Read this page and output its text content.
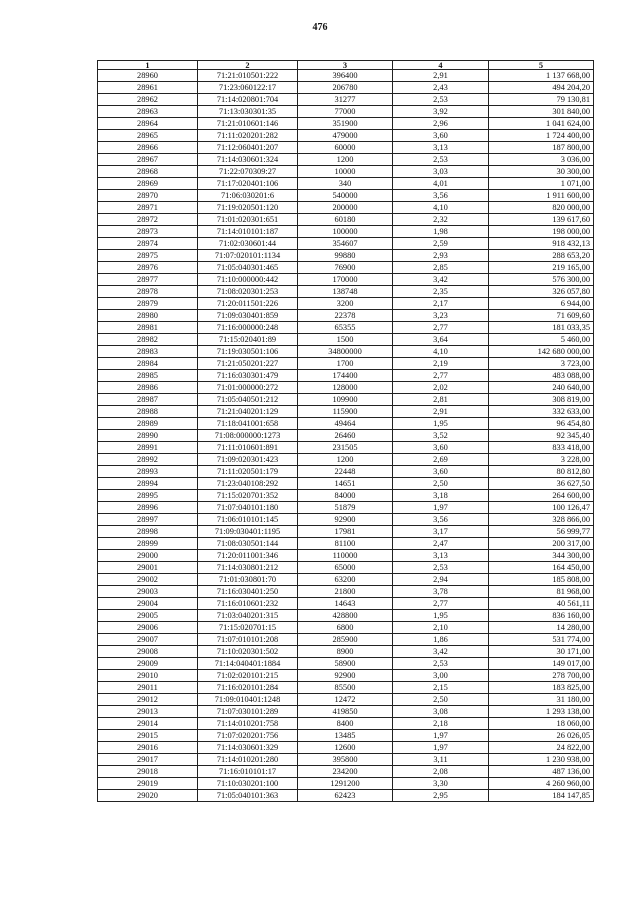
476
1	2	3	4	5
28960	71:21:010501:222	396400	2,91	1 137 668,00
28961	71:23:060122:17	206780	2,43	494 204,20
28962	71:14:020801:704	31277	2,53	79 130,81
28963	71:13:030301:35	77000	3,92	301 840,00
28964	71:21:010601:146	351900	2,96	1 041 624,00
28965	71:11:020201:282	479000	3,60	1 724 400,00
28966	71:12:060401:207	60000	3,13	187 800,00
28967	71:14:030601:324	1200	2,53	3 036,00
28968	71:22:070309:27	10000	3,03	30 300,00
28969	71:17:020401:106	340	4,01	1 071,00
28970	71:06:030201:6	540000	3,56	1 911 600,00
28971	71:19:020501:120	200000	4,10	820 000,00
28972	71:01:020301:651	60180	2,32	139 617,60
28973	71:14:010101:187	100000	1,98	198 000,00
28974	71:02:030601:44	354607	2,59	918 432,13
28975	71:07:020101:1134	99880	2,93	288 653,20
28976	71:05:040301:465	76900	2,85	219 165,00
28977	71:10:000000:442	170000	3,42	576 300,00
28978	71:08:020301:253	138748	2,35	326 057,80
28979	71:20:011501:226	3200	2,17	6 944,00
28980	71:09:030401:859	22378	3,23	71 609,60
28981	71:16:000000:248	65355	2,77	181 033,35
28982	71:15:020401:89	1500	3,64	5 460,00
28983	71:19:030501:106	34800000	4,10	142 680 000,00
28984	71:21:050201:227	1700	2,19	3 723,00
28985	71:16:030301:479	174400	2,77	483 088,00
28986	71:01:000000:272	128000	2,02	240 640,00
28987	71:05:040501:212	109900	2,81	308 819,00
28988	71:21:040201:129	115900	2,91	332 633,00
28989	71:18:041001:658	49464	1,95	96 454,80
28990	71:08:000000:1273	26460	3,52	92 345,40
28991	71:11:010601:891	231505	3,60	833 418,00
28992	71:09:020301:423	1200	2,69	3 228,00
28993	71:11:020501:179	22448	3,60	80 812,80
28994	71:23:040108:292	14651	2,50	36 627,50
28995	71:15:020701:352	84000	3,18	264 600,00
28996	71:07:040101:180	51879	1,97	100 126,47
28997	71:06:010101:145	92900	3,56	328 866,00
28998	71:09:030401:1195	17981	3,17	56 999,77
28999	71:08:030501:144	81100	2,47	200 317,00
29000	71:20:011001:346	110000	3,13	344 300,00
29001	71:14:030801:212	65000	2,53	164 450,00
29002	71:01:030801:70	63200	2,94	185 808,00
29003	71:16:030401:250	21800	3,78	81 968,00
29004	71:16:010601:232	14643	2,77	40 561,11
29005	71:03:040201:315	428800	1,95	836 160,00
29006	71:15:020701:15	6800	2,10	14 280,00
29007	71:07:010101:208	285900	1,86	531 774,00
29008	71:10:020301:502	8900	3,42	30 171,00
29009	71:14:040401:1884	58900	2,53	149 017,00
29010	71:02:020101:215	92900	3,00	278 700,00
29011	71:16:020101:284	85500	2,15	183 825,00
29012	71:09:010401:1248	12472	2,50	31 180,00
29013	71:07:030101:289	419850	3,08	1 293 138,00
29014	71:14:010201:758	8400	2,18	18 060,00
29015	71:07:020201:756	13485	1,97	26 026,05
29016	71:14:030601:329	12600	1,97	24 822,00
29017	71:14:010201:280	395800	3,11	1 230 938,00
29018	71:16:010101:17	234200	2,08	487 136,00
29019	71:10:030201:100	1291200	3,30	4 260 960,00
29020	71:05:040101:363	62423	2,95	184 147,85
